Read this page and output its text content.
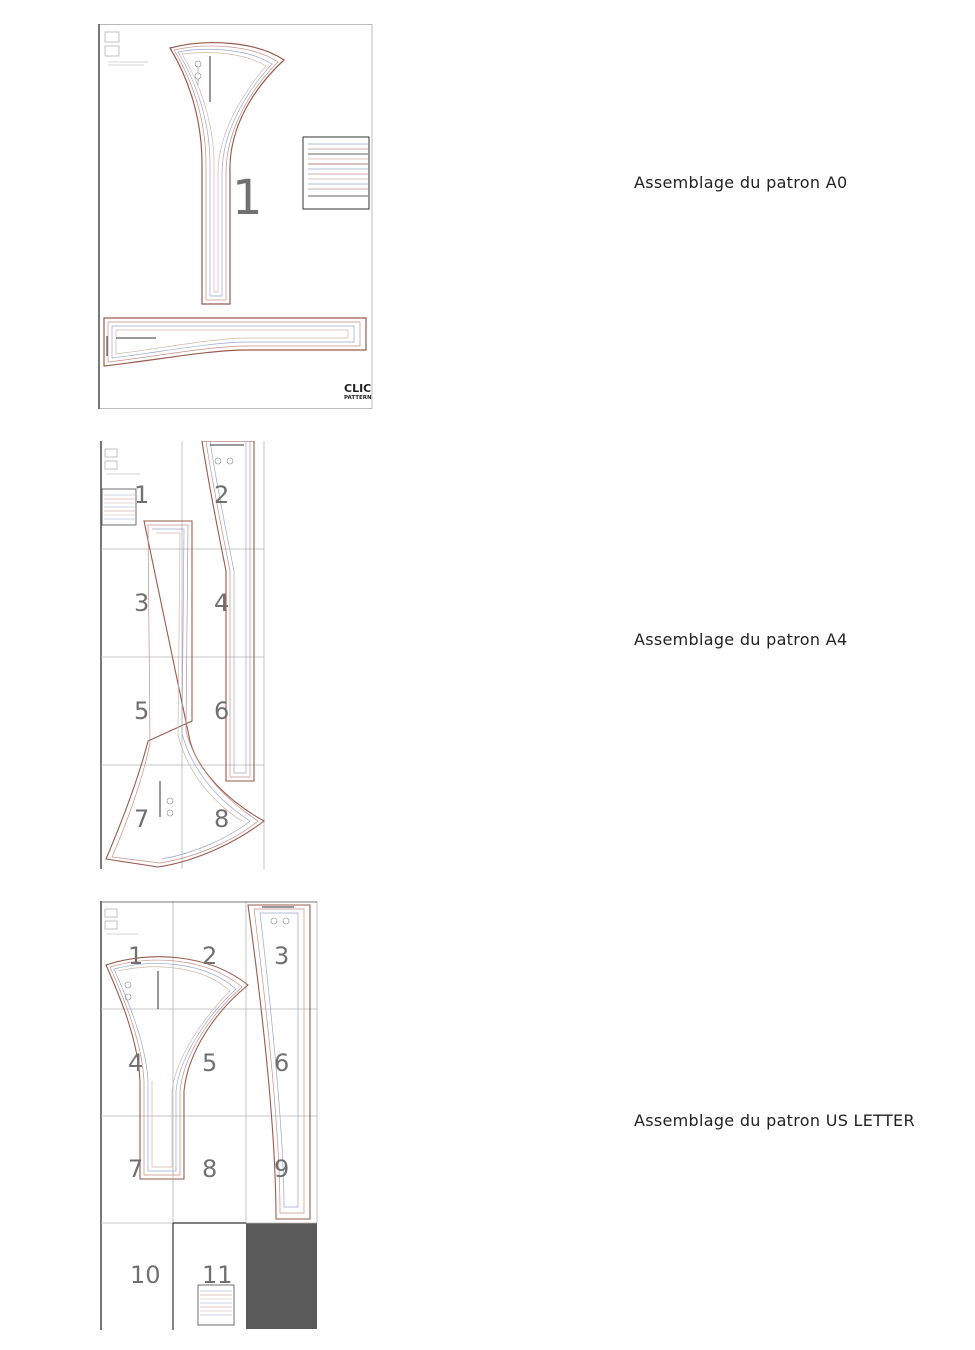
1
CLIC
PATTERN
Assemblage du patron A0
1	2
3	4
5	6
7	8
Assemblage du patron A4
1 2 3
4 5 6
7 8 9
10 11
Assemblage du patron US LETTER
